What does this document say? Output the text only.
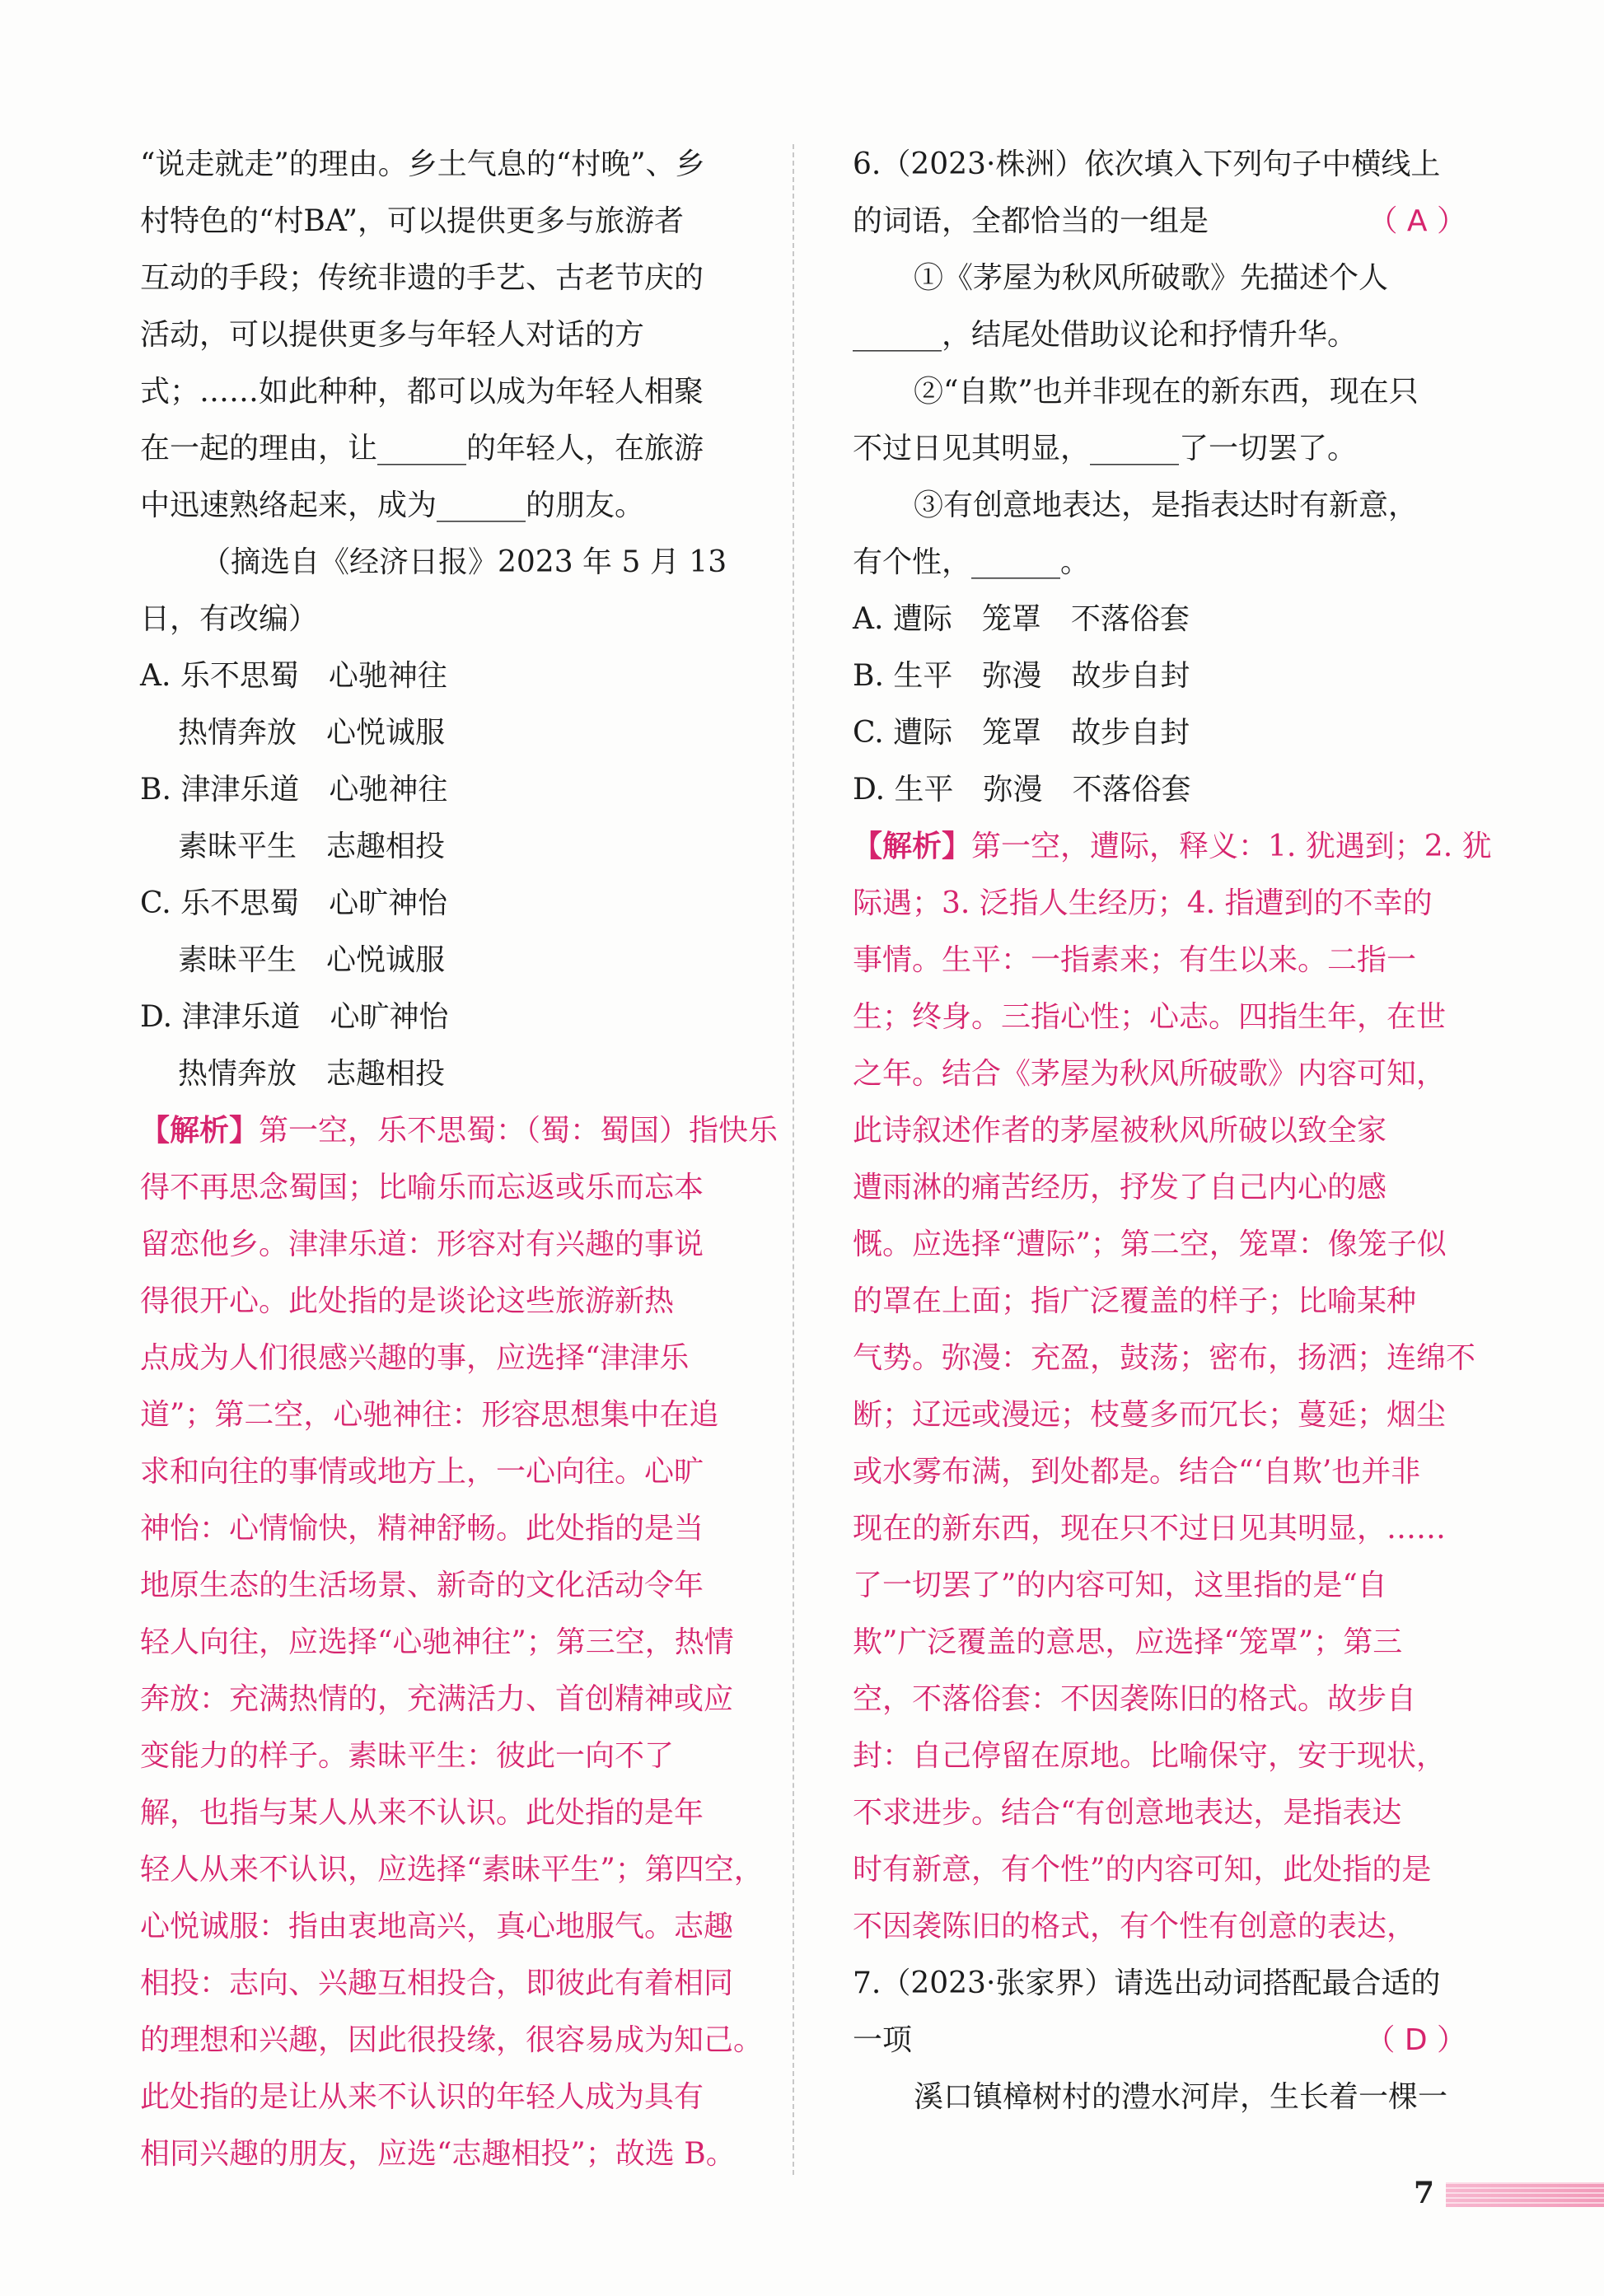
“说走就走”的理由。乡土气息的“村晚”、乡
村特色的“村BA”，可以提供更多与旅游者
互动的手段；传统非遗的手艺、古老节庆的
活动，可以提供更多与年轻人对话的方
式；……如此种种，都可以成为年轻人相聚
在一起的理由，让______的年轻人，在旅游
中迅速熟络起来，成为______的朋友。
（摘选自《经济日报》2023 年 5 月 13
日，有改编）
A. 乐不思蜀　心驰神往
热情奔放　心悦诚服
B. 津津乐道　心驰神往
素昧平生　志趣相投
C. 乐不思蜀　心旷神怡
素昧平生　心悦诚服
D. 津津乐道　心旷神怡
热情奔放　志趣相投
【解析】第一空，乐不思蜀：（蜀：蜀国）指快乐
得不再思念蜀国；比喻乐而忘返或乐而忘本
留恋他乡。津津乐道：形容对有兴趣的事说
得很开心。此处指的是谈论这些旅游新热
点成为人们很感兴趣的事，应选择“津津乐
道”；第二空，心驰神往：形容思想集中在追
求和向往的事情或地方上，一心向往。心旷
神怡：心情愉快，精神舒畅。此处指的是当
地原生态的生活场景、新奇的文化活动令年
轻人向往，应选择“心驰神往”；第三空，热情
奔放：充满热情的，充满活力、首创精神或应
变能力的样子。素昧平生：彼此一向不了
解，也指与某人从来不认识。此处指的是年
轻人从来不认识，应选择“素昧平生”；第四空，
心悦诚服：指由衷地高兴，真心地服气。志趣
相投：志向、兴趣互相投合，即彼此有着相同
的理想和兴趣，因此很投缘，很容易成为知己。
此处指的是让从来不认识的年轻人成为具有
相同兴趣的朋友，应选“志趣相投”；故选 B。
6.（2023·株洲）依次填入下列句子中横线上
的词语，全都恰当的一组是	（ A ）
①《茅屋为秋风所破歌》先描述个人
______，结尾处借助议论和抒情升华。
②“自欺”也并非现在的新东西，现在只
不过日见其明显，______了一切罢了。
③有创意地表达，是指表达时有新意，
有个性，______。
A. 遭际　笼罩　不落俗套
B. 生平　弥漫　故步自封
C. 遭际　笼罩　故步自封
D. 生平　弥漫　不落俗套
【解析】第一空，遭际，释义：1. 犹遇到；2. 犹
际遇；3. 泛指人生经历；4. 指遭到的不幸的
事情。生平：一指素来；有生以来。二指一
生；终身。三指心性；心志。四指生年，在世
之年。结合《茅屋为秋风所破歌》内容可知，
此诗叙述作者的茅屋被秋风所破以致全家
遭雨淋的痛苦经历，抒发了自己内心的感
慨。应选择“遭际”；第二空，笼罩：像笼子似
的罩在上面；指广泛覆盖的样子；比喻某种
气势。弥漫：充盈，鼓荡；密布，扬洒；连绵不
断；辽远或漫远；枝蔓多而冗长；蔓延；烟尘
或水雾布满，到处都是。结合“‘自欺’也并非
现在的新东西，现在只不过日见其明显，……
了一切罢了”的内容可知，这里指的是“自
欺”广泛覆盖的意思，应选择“笼罩”；第三
空，不落俗套：不因袭陈旧的格式。故步自
封：自己停留在原地。比喻保守，安于现状，
不求进步。结合“有创意地表达，是指表达
时有新意，有个性”的内容可知，此处指的是
不因袭陈旧的格式，有个性有创意的表达，
7.（2023·张家界）请选出动词搭配最合适的
一项	（ D ）
溪口镇樟树村的澧水河岸，生长着一棵一
7
